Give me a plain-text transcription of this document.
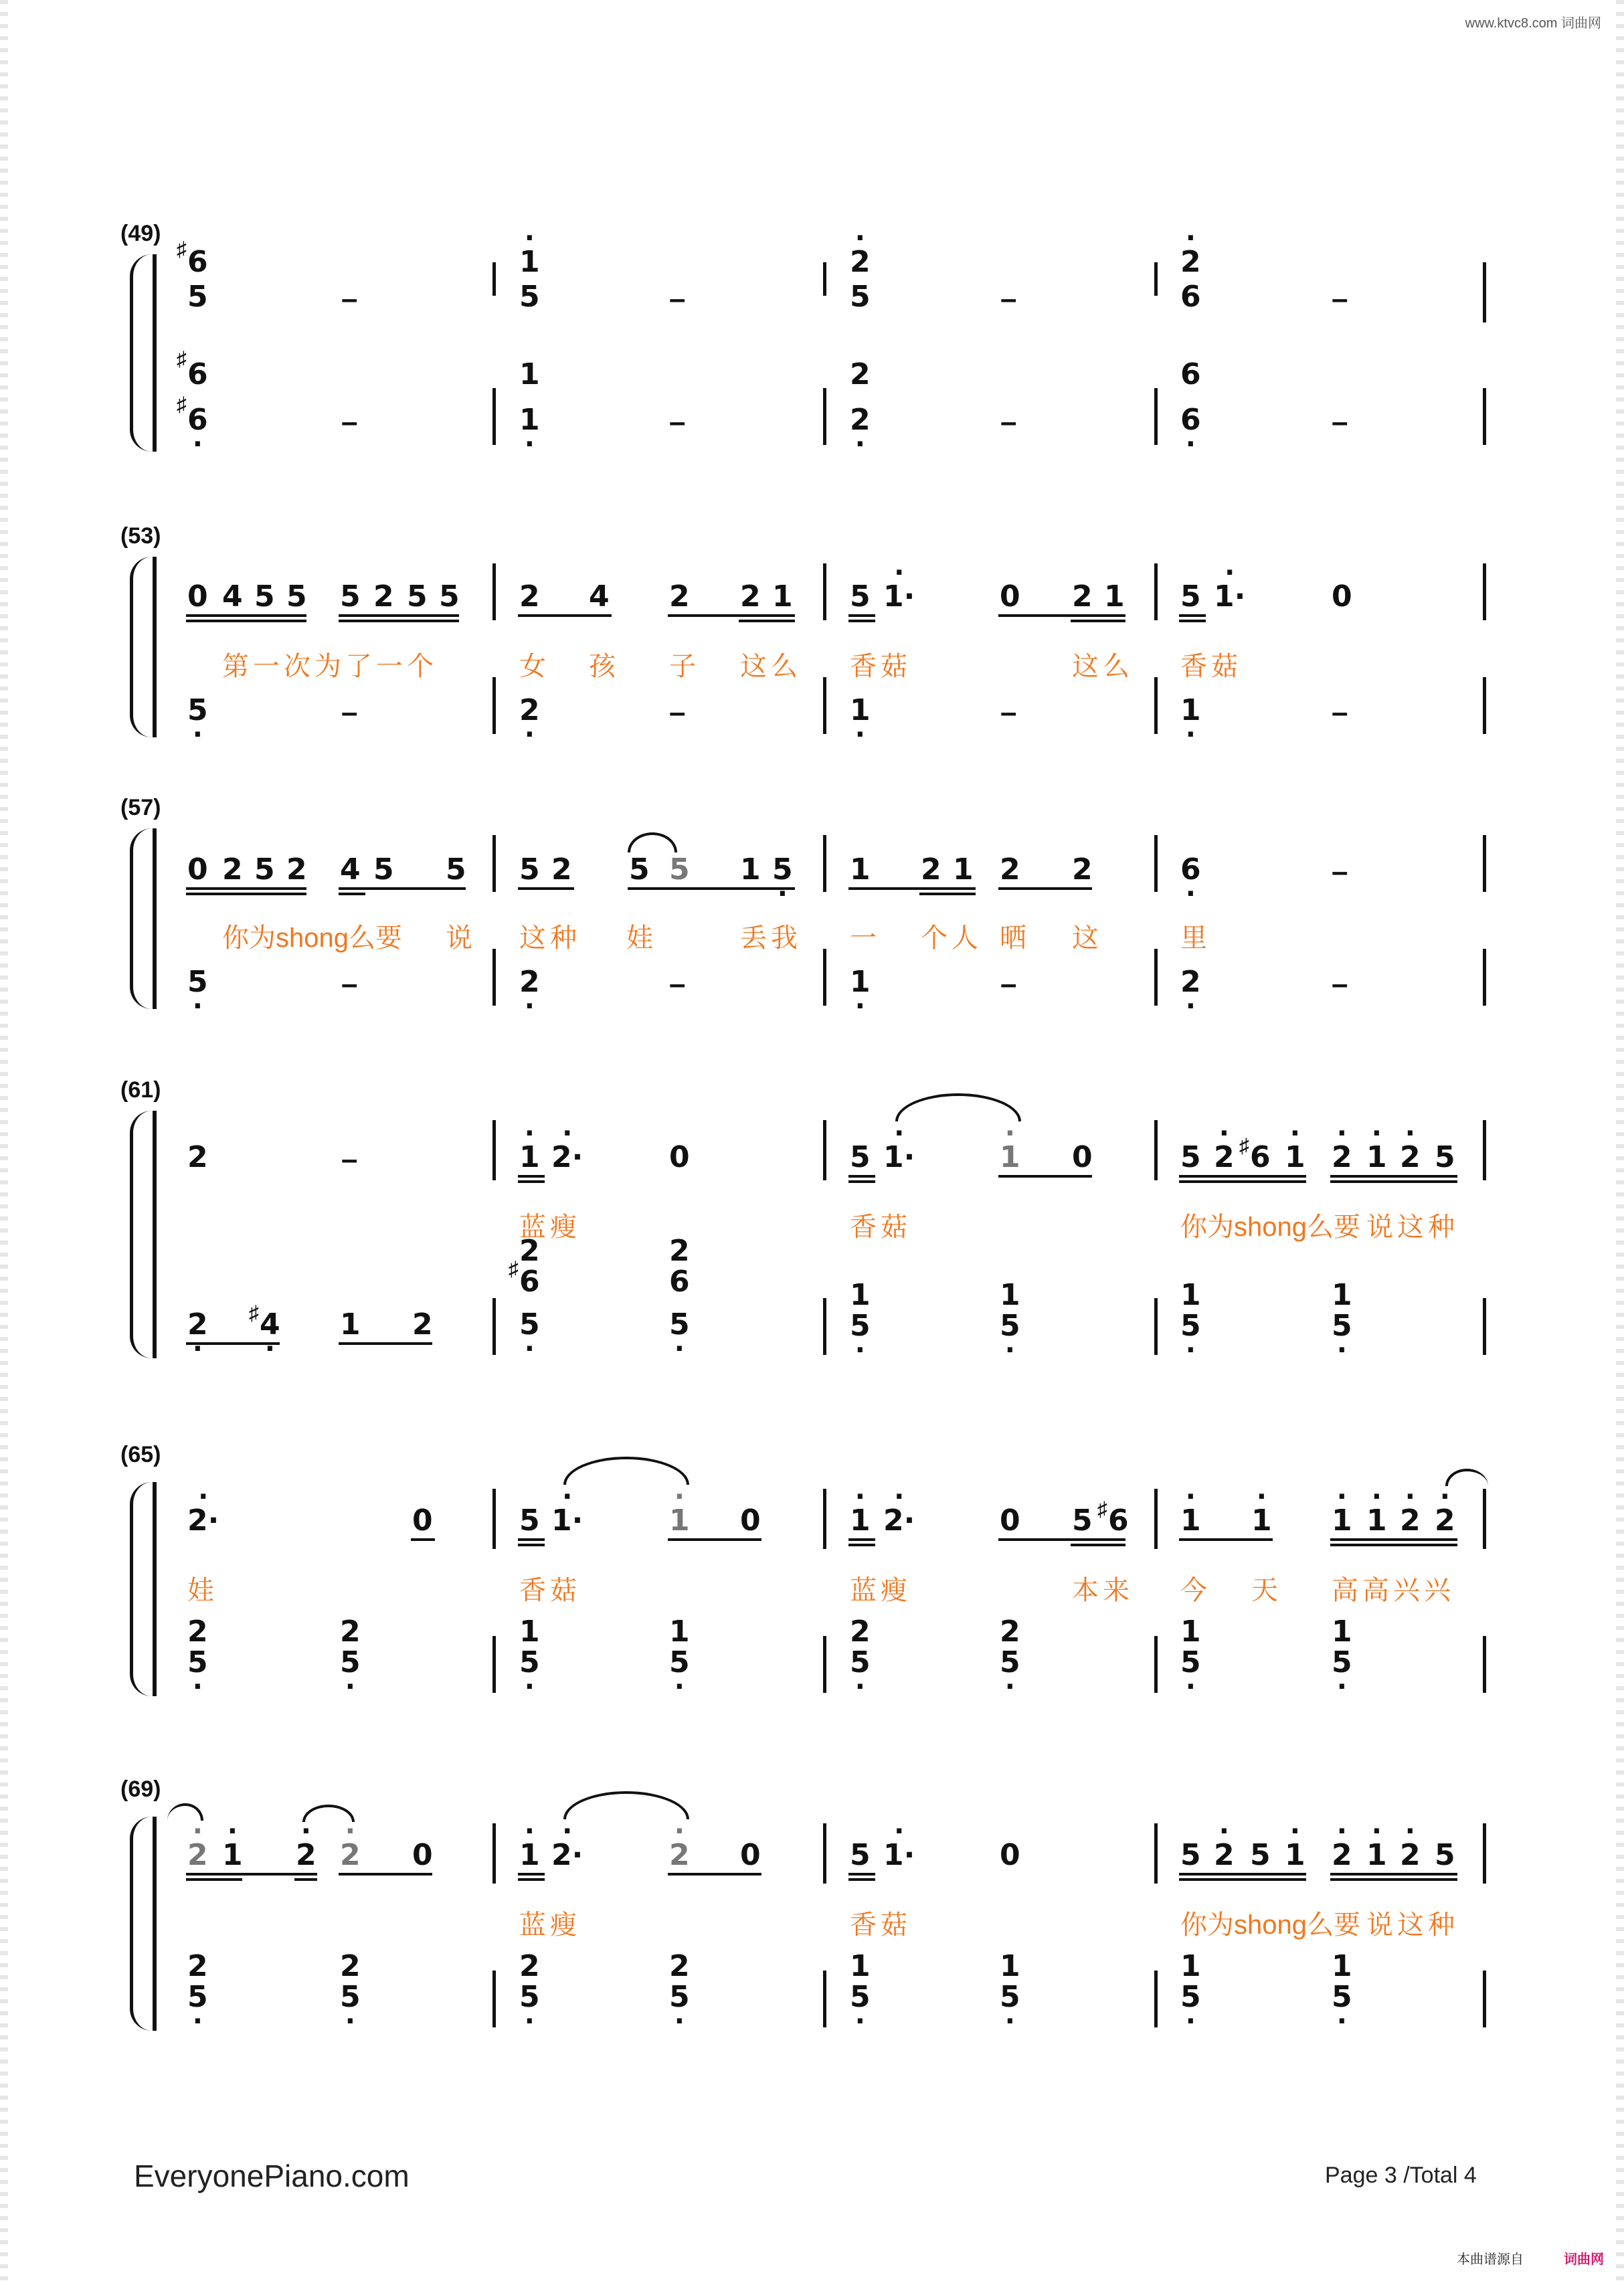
www.ktvc8.com 词曲网
(49)
♯ 6
5	–
· 1
5	–
· 2
5	–
· 2
6	–
♯ 6
♯ 6 ·	–
1
1 ·	–
2
2 ·	–
6
6 ·	–
(53)
0 4 5 5 5 2 5 5 2 4 2 2 1 5 · 1·	0 2 1 5 · 1·	0
第一次为了一个	女 孩 子 这么 香菇	这么 香菇
5 ·	–	2 ·	–	1 ·	–	1 ·	–
(57)
0 2 5 2 4 5 5 5 2 5 5 1 5 · 1 2 1 2 2	6 ·	–
你为shong么要 说 这种 娃	丢我 一 个人 晒 这	里
5 ·	–	2 ·	–	1 ·	–	2 ·	–
(61)
2	–	· 1 · 2·	0	5 · 1·	· 1 0	5 · 2 ♯ 6 · 1 · 2 · 1 · 2 5
蓝瘦	香菇	你为shong么要 说这种
2
♯ 6
5 ·
2
6
5 ·
2 · ♯ 4 · 1 2
1
5 ·
1
5 ·
1
5 ·
1
5 ·
(65)
· 2·	0	5 · 1·	· 1 0	· 1 · 2·	0 5 ♯ 6 · 1 · 1 · 1 · 1 · 2 · 2
娃	香菇	蓝瘦	本来 今 天 高高兴兴
2
5 ·
2
5 ·
1
5 ·
1
5 ·
2
5 ·
2
5 ·
1
5 ·
1
5 ·
(69)
· 2 · 1 · 2 · 2 0	· 1 · 2·	· 2 0	5 · 1·	0	5 · 2 5 · 1 · 2 · 1 · 2 5
蓝瘦	香菇	你为shong么要 说这种
2
5 ·
2
5 ·
2
5 ·
2
5 ·
1
5 ·
1
5 ·
1
5 ·
1
5 ·
EveryonePiano.com	Page 3 /Total 4
本曲谱源自	词曲网
